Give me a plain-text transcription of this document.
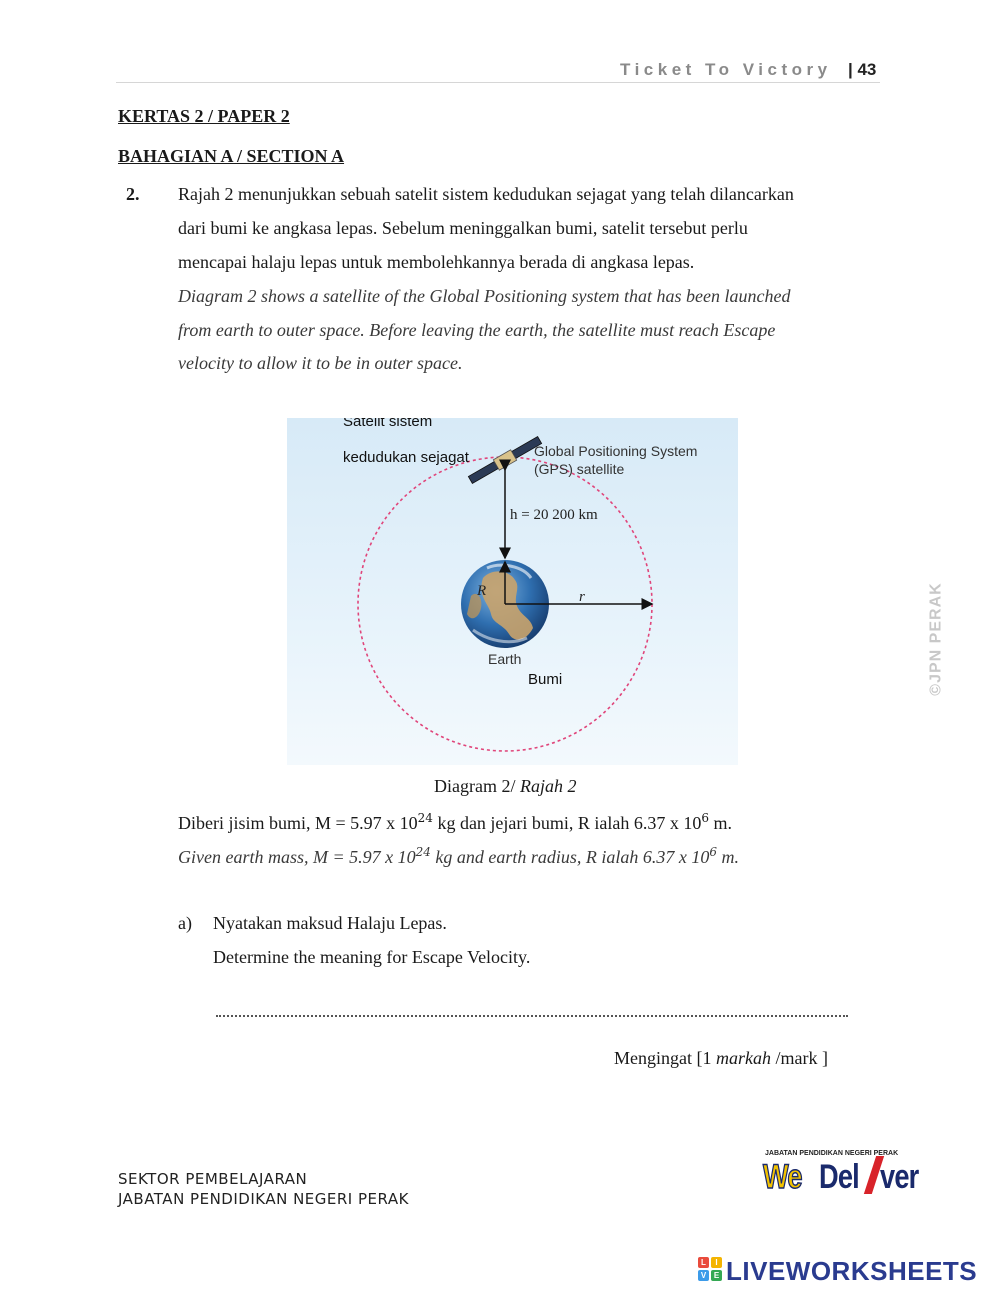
Ticket To Victory | 43
KERTAS 2 / PAPER 2
BAHAGIAN A / SECTION A
2. Rajah 2 menunjukkan sebuah satelit sistem kedudukan sejagat yang telah dilancarkan
dari bumi ke angkasa lepas. Sebelum meninggalkan bumi, satelit tersebut perlu
mencapai halaju lepas untuk membolehkannya berada di angkasa lepas.
Diagram 2 shows a satellite of the Global Positioning system that has been launched
from earth to outer space. Before leaving the earth, the satellite must reach Escape
velocity to allow it to be in outer space.
Satelit sistem
kedudukan sejagat	Global Positioning System
(GPS) satellite
h = 20 200 km
R	r
Earth
Bumi
Diagram 2/ Rajah 2
Diberi jisim bumi, M = 5.97 x $10^{24}$ kg dan jejari bumi, R ialah 6.37 x $10^6$ m.
Given earth mass, M = 5.97 x $10^{24}$ kg and earth radius, R ialah 6.37 x $10^6$ m.
a) Nyatakan maksud Halaju Lepas.
Determine the meaning for Escape Velocity.
Mengingat [1 markah /mark ]
©JPN PERAK
SEKTOR PEMBELAJARAN
JABATAN PENDIDIKAN NEGERI PERAK
JABATAN PENDIDIKAN NEGERI PERAK
We Del ver
L	I
V E LIVEWORKSHEETS
